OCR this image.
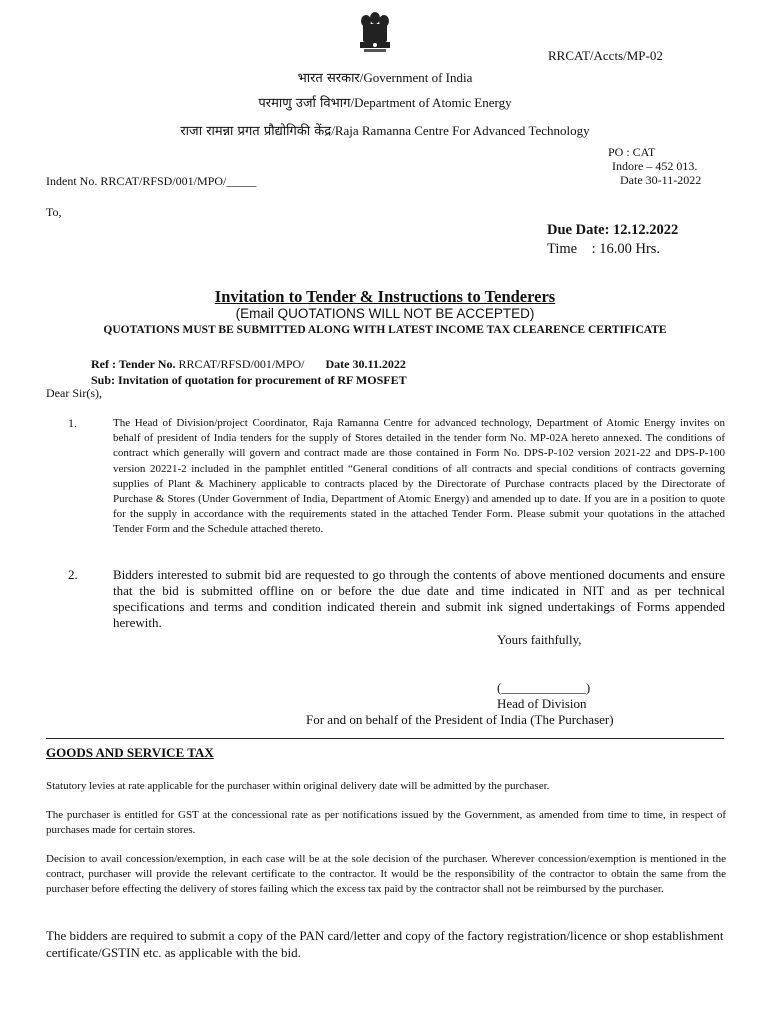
RRCAT/Accts/MP-02
भारत सरकार/Government of India
परमाणु उर्जा विभाग/Department of Atomic Energy
राजा रामन्ना प्रगत प्रौद्योगिकी केंद्र/Raja Ramanna Centre For Advanced Technology
PO : CAT
Indore – 452 013.
Date 30-11-2022
Indent No. RRCAT/RFSD/001/MPO/_____
To,
Due Date: 12.12.2022
Time    : 16.00 Hrs.
Invitation to Tender & Instructions to Tenderers
(Email QUOTATIONS WILL NOT BE ACCEPTED)
QUOTATIONS MUST BE SUBMITTED ALONG WITH LATEST INCOME TAX CLEARENCE CERTIFICATE
Ref : Tender No. RRCAT/RFSD/001/MPO/ Date 30.11.2022
Sub: Invitation of quotation for procurement of RF MOSFET
Dear Sir(s),
1.	The Head of Division/project Coordinator, Raja Ramanna Centre for advanced technology, Department of Atomic Energy invites on behalf of president of India tenders for the supply of Stores detailed in the tender form No. MP-02A hereto annexed. The conditions of contract which generally will govern and contract made are those contained in Form No. DPS-P-102 version 2021-22 and DPS-P-100 version 20221-2 included in the pamphlet entitled “General conditions of all contracts and special conditions of contracts governing supplies of Plant & Machinery applicable to contracts placed by the Directorate of Purchase contracts placed by the Directorate of Purchase & Stores (Under Government of India, Department of Atomic Energy) and amended up to date. If you are in a position to quote for the supply in accordance with the requirements stated in the attached Tender Form. Please submit your quotations in the attached Tender Form and the Schedule attached thereto.
2.	Bidders interested to submit bid are requested to go through the contents of above mentioned documents and ensure that the bid is submitted offline on or before the due date and time indicated in NIT and as per technical specifications and terms and condition indicated therein and submit ink signed undertakings of Forms appended herewith.
Yours faithfully,
(_____________)
Head of Division
For and on behalf of the President of India (The Purchaser)
GOODS AND SERVICE TAX
Statutory levies at rate applicable for the purchaser within original delivery date will be admitted by the purchaser.
The purchaser is entitled for GST at the concessional rate as per notifications issued by the Government, as amended from time to time, in respect of purchases made for certain stores.
Decision to avail concession/exemption, in each case will be at the sole decision of the purchaser. Wherever concession/exemption is mentioned in the contract, purchaser will provide the relevant certificate to the contractor. It would be the responsibility of the contractor to obtain the same from the purchaser before effecting the delivery of stores failing which the excess tax paid by the contractor shall not be reimbursed by the purchaser.
The bidders are required to submit a copy of the PAN card/letter and copy of the factory registration/licence or shop establishment certificate/GSTIN etc. as applicable with the bid.
